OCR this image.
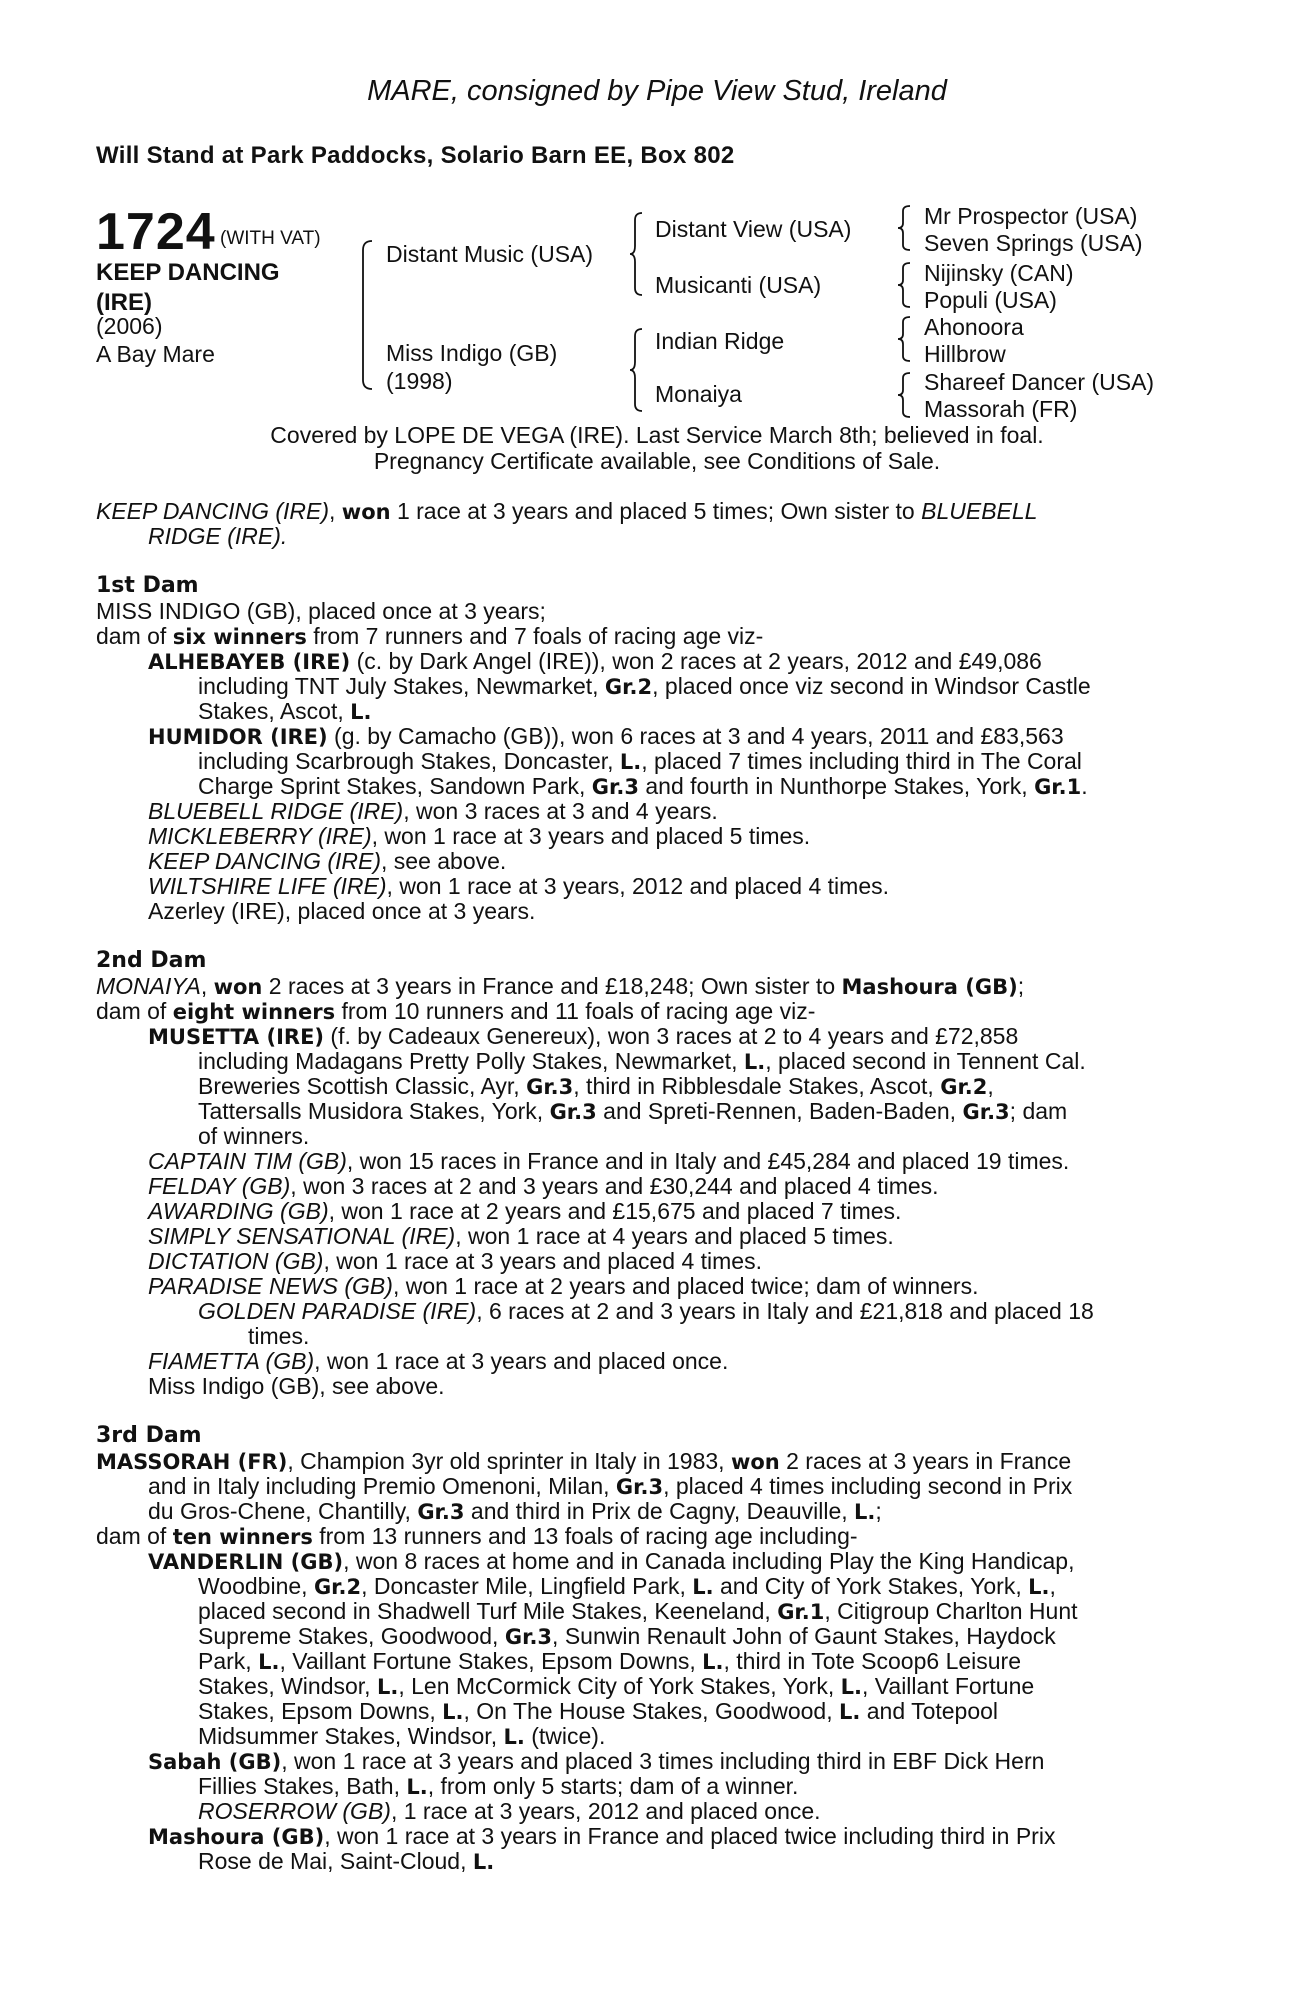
MARE, consigned by Pipe View Stud, Ireland
Will Stand at Park Paddocks, Solario Barn EE, Box 802
1724 (WITH VAT)
KEEP DANCING
(IRE)
(2006)
A Bay Mare
Distant Music (USA)
Miss Indigo (GB)
(1998)
Distant View (USA)
Musicanti (USA)
Indian Ridge
Monaiya
Mr Prospector (USA)
Seven Springs (USA)
Nijinsky (CAN)
Populi (USA)
Ahonoora
Hillbrow
Shareef Dancer (USA)
Massorah (FR)
Covered by LOPE DE VEGA (IRE). Last Service March 8th; believed in foal.
Pregnancy Certificate available, see Conditions of Sale.
KEEP DANCING (IRE), won 1 race at 3 years and placed 5 times; Own sister to BLUEBELL
RIDGE (IRE).
1st Dam
MISS INDIGO (GB), placed once at 3 years;
dam of six winners from 7 runners and 7 foals of racing age viz-
ALHEBAYEB (IRE) (c. by Dark Angel (IRE)), won 2 races at 2 years, 2012 and £49,086
including TNT July Stakes, Newmarket, Gr.2, placed once viz second in Windsor Castle
Stakes, Ascot, L.
HUMIDOR (IRE) (g. by Camacho (GB)), won 6 races at 3 and 4 years, 2011 and £83,563
including Scarbrough Stakes, Doncaster, L., placed 7 times including third in The Coral
Charge Sprint Stakes, Sandown Park, Gr.3 and fourth in Nunthorpe Stakes, York, Gr.1.
BLUEBELL RIDGE (IRE), won 3 races at 3 and 4 years.
MICKLEBERRY (IRE), won 1 race at 3 years and placed 5 times.
KEEP DANCING (IRE), see above.
WILTSHIRE LIFE (IRE), won 1 race at 3 years, 2012 and placed 4 times.
Azerley (IRE), placed once at 3 years.
2nd Dam
MONAIYA, won 2 races at 3 years in France and £18,248; Own sister to Mashoura (GB);
dam of eight winners from 10 runners and 11 foals of racing age viz-
MUSETTA (IRE) (f. by Cadeaux Genereux), won 3 races at 2 to 4 years and £72,858
including Madagans Pretty Polly Stakes, Newmarket, L., placed second in Tennent Cal.
Breweries Scottish Classic, Ayr, Gr.3, third in Ribblesdale Stakes, Ascot, Gr.2,
Tattersalls Musidora Stakes, York, Gr.3 and Spreti-Rennen, Baden-Baden, Gr.3; dam
of winners.
CAPTAIN TIM (GB), won 15 races in France and in Italy and £45,284 and placed 19 times.
FELDAY (GB), won 3 races at 2 and 3 years and £30,244 and placed 4 times.
AWARDING (GB), won 1 race at 2 years and £15,675 and placed 7 times.
SIMPLY SENSATIONAL (IRE), won 1 race at 4 years and placed 5 times.
DICTATION (GB), won 1 race at 3 years and placed 4 times.
PARADISE NEWS (GB), won 1 race at 2 years and placed twice; dam of winners.
GOLDEN PARADISE (IRE), 6 races at 2 and 3 years in Italy and £21,818 and placed 18
times.
FIAMETTA (GB), won 1 race at 3 years and placed once.
Miss Indigo (GB), see above.
3rd Dam
MASSORAH (FR), Champion 3yr old sprinter in Italy in 1983, won 2 races at 3 years in France
and in Italy including Premio Omenoni, Milan, Gr.3, placed 4 times including second in Prix
du Gros-Chene, Chantilly, Gr.3 and third in Prix de Cagny, Deauville, L.;
dam of ten winners from 13 runners and 13 foals of racing age including-
VANDERLIN (GB), won 8 races at home and in Canada including Play the King Handicap,
Woodbine, Gr.2, Doncaster Mile, Lingfield Park, L. and City of York Stakes, York, L.,
placed second in Shadwell Turf Mile Stakes, Keeneland, Gr.1, Citigroup Charlton Hunt
Supreme Stakes, Goodwood, Gr.3, Sunwin Renault John of Gaunt Stakes, Haydock
Park, L., Vaillant Fortune Stakes, Epsom Downs, L., third in Tote Scoop6 Leisure
Stakes, Windsor, L., Len McCormick City of York Stakes, York, L., Vaillant Fortune
Stakes, Epsom Downs, L., On The House Stakes, Goodwood, L. and Totepool
Midsummer Stakes, Windsor, L. (twice).
Sabah (GB), won 1 race at 3 years and placed 3 times including third in EBF Dick Hern
Fillies Stakes, Bath, L., from only 5 starts; dam of a winner.
ROSERROW (GB), 1 race at 3 years, 2012 and placed once.
Mashoura (GB), won 1 race at 3 years in France and placed twice including third in Prix
Rose de Mai, Saint-Cloud, L.
